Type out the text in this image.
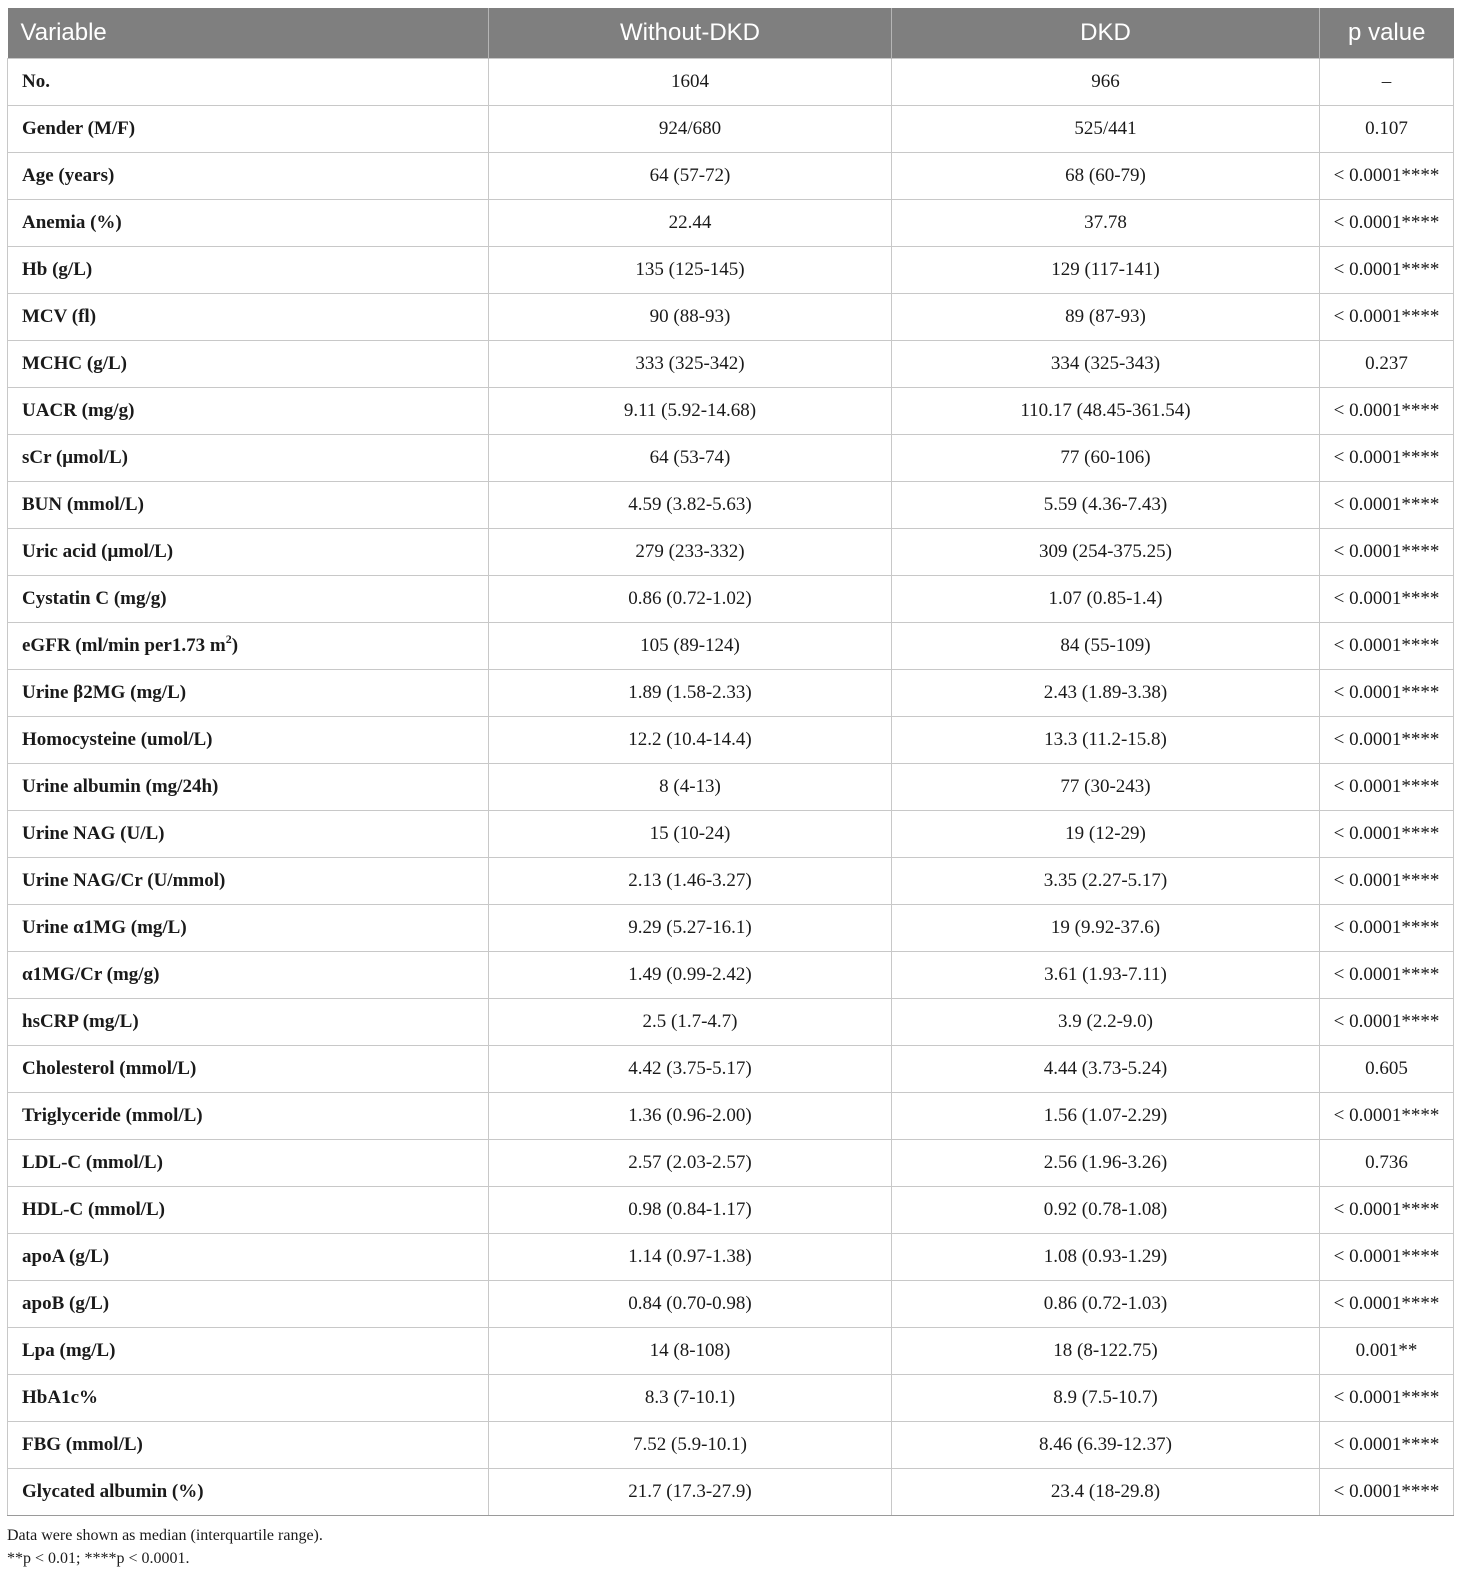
Variable	Without-DKD	DKD	p value
No.	1604	966	–
Gender (M/F)	924/680	525/441	0.107
Age (years)	64 (57-72)	68 (60-79)	< 0.0001****
Anemia (%)	22.44	37.78	< 0.0001****
Hb (g/L)	135 (125-145)	129 (117-141)	< 0.0001****
MCV (fl)	90 (88-93)	89 (87-93)	< 0.0001****
MCHC (g/L)	333 (325-342)	334 (325-343)	0.237
UACR (mg/g)	9.11 (5.92-14.68)	110.17 (48.45-361.54)	< 0.0001****
sCr (μmol/L)	64 (53-74)	77 (60-106)	< 0.0001****
BUN (mmol/L)	4.59 (3.82-5.63)	5.59 (4.36-7.43)	< 0.0001****
Uric acid (μmol/L)	279 (233-332)	309 (254-375.25)	< 0.0001****
Cystatin C (mg/g)	0.86 (0.72-1.02)	1.07 (0.85-1.4)	< 0.0001****
eGFR (ml/min per1.73 $m^2$)	105 (89-124)	84 (55-109)	< 0.0001****
Urine β2MG (mg/L)	1.89 (1.58-2.33)	2.43 (1.89-3.38)	< 0.0001****
Homocysteine (umol/L)	12.2 (10.4-14.4)	13.3 (11.2-15.8)	< 0.0001****
Urine albumin (mg/24h)	8 (4-13)	77 (30-243)	< 0.0001****
Urine NAG (U/L)	15 (10-24)	19 (12-29)	< 0.0001****
Urine NAG/Cr (U/mmol)	2.13 (1.46-3.27)	3.35 (2.27-5.17)	< 0.0001****
Urine α1MG (mg/L)	9.29 (5.27-16.1)	19 (9.92-37.6)	< 0.0001****
α1MG/Cr (mg/g)	1.49 (0.99-2.42)	3.61 (1.93-7.11)	< 0.0001****
hsCRP (mg/L)	2.5 (1.7-4.7)	3.9 (2.2-9.0)	< 0.0001****
Cholesterol (mmol/L)	4.42 (3.75-5.17)	4.44 (3.73-5.24)	0.605
Triglyceride (mmol/L)	1.36 (0.96-2.00)	1.56 (1.07-2.29)	< 0.0001****
LDL-C (mmol/L)	2.57 (2.03-2.57)	2.56 (1.96-3.26)	0.736
HDL-C (mmol/L)	0.98 (0.84-1.17)	0.92 (0.78-1.08)	< 0.0001****
apoA (g/L)	1.14 (0.97-1.38)	1.08 (0.93-1.29)	< 0.0001****
apoB (g/L)	0.84 (0.70-0.98)	0.86 (0.72-1.03)	< 0.0001****
Lpa (mg/L)	14 (8-108)	18 (8-122.75)	0.001**
HbA1c%	8.3 (7-10.1)	8.9 (7.5-10.7)	< 0.0001****
FBG (mmol/L)	7.52 (5.9-10.1)	8.46 (6.39-12.37)	< 0.0001****
Glycated albumin (%)	21.7 (17.3-27.9)	23.4 (18-29.8)	< 0.0001****
Data were shown as median (interquartile range).
**p < 0.01; ****p < 0.0001.
